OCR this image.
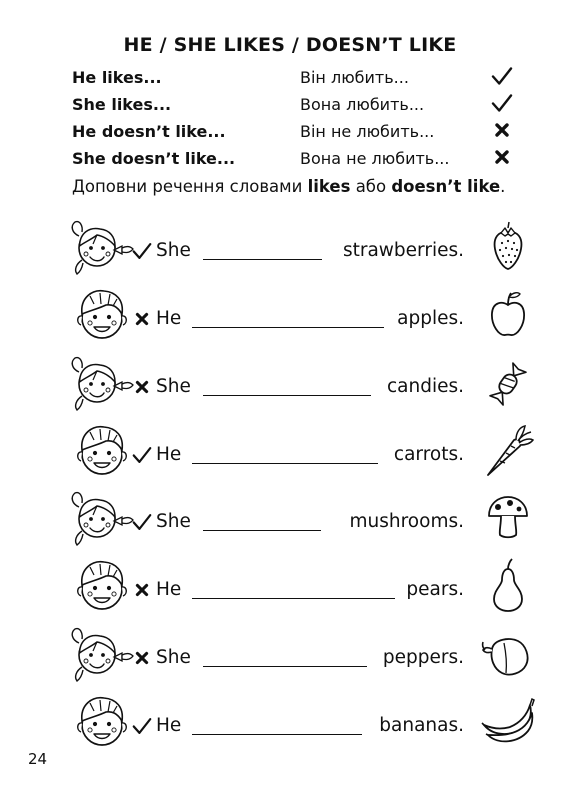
HE / SHE LIKES / DOESN’T LIKE
He likes...	Він любить...
She likes...	Вона любить...
He doesn’t like...	Він не любить...
She doesn’t like...	Вона не любить...
Доповни речення словами likes або doesn’t like.
She	strawberries.
He	apples.
She	candies.
He	carrots.
She	mushrooms.
He	pears.
She	peppers.
He	bananas.
24
